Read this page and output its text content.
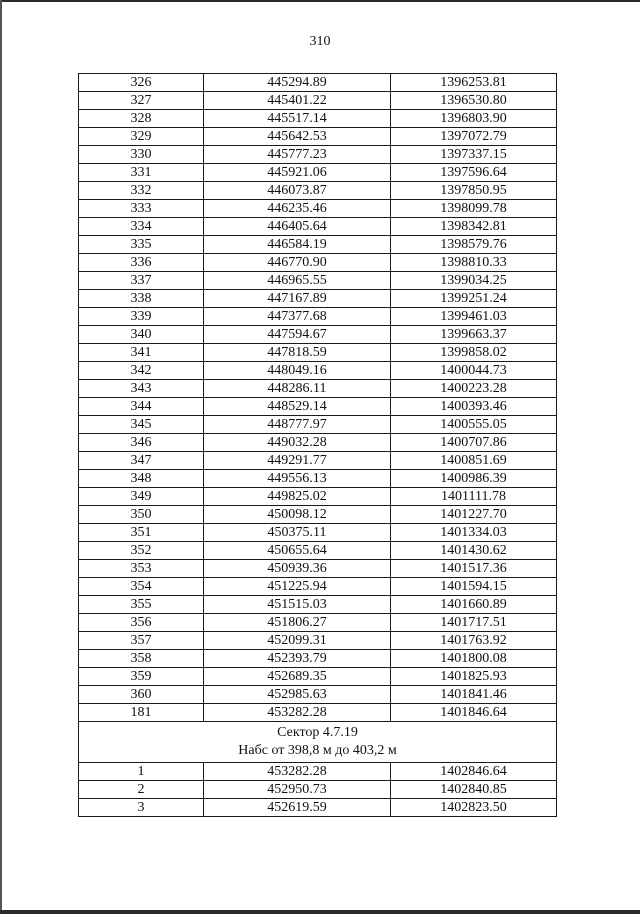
310
326	445294.89	1396253.81
327	445401.22	1396530.80
328	445517.14	1396803.90
329	445642.53	1397072.79
330	445777.23	1397337.15
331	445921.06	1397596.64
332	446073.87	1397850.95
333	446235.46	1398099.78
334	446405.64	1398342.81
335	446584.19	1398579.76
336	446770.90	1398810.33
337	446965.55	1399034.25
338	447167.89	1399251.24
339	447377.68	1399461.03
340	447594.67	1399663.37
341	447818.59	1399858.02
342	448049.16	1400044.73
343	448286.11	1400223.28
344	448529.14	1400393.46
345	448777.97	1400555.05
346	449032.28	1400707.86
347	449291.77	1400851.69
348	449556.13	1400986.39
349	449825.02	1401111.78
350	450098.12	1401227.70
351	450375.11	1401334.03
352	450655.64	1401430.62
353	450939.36	1401517.36
354	451225.94	1401594.15
355	451515.03	1401660.89
356	451806.27	1401717.51
357	452099.31	1401763.92
358	452393.79	1401800.08
359	452689.35	1401825.93
360	452985.63	1401841.46
181	453282.28	1401846.64

Сектор 4.7.19
Набс от 398,8 м до 403,2 м		

1	453282.28	1402846.64
2	452950.73	1402840.85
3	452619.59	1402823.50
